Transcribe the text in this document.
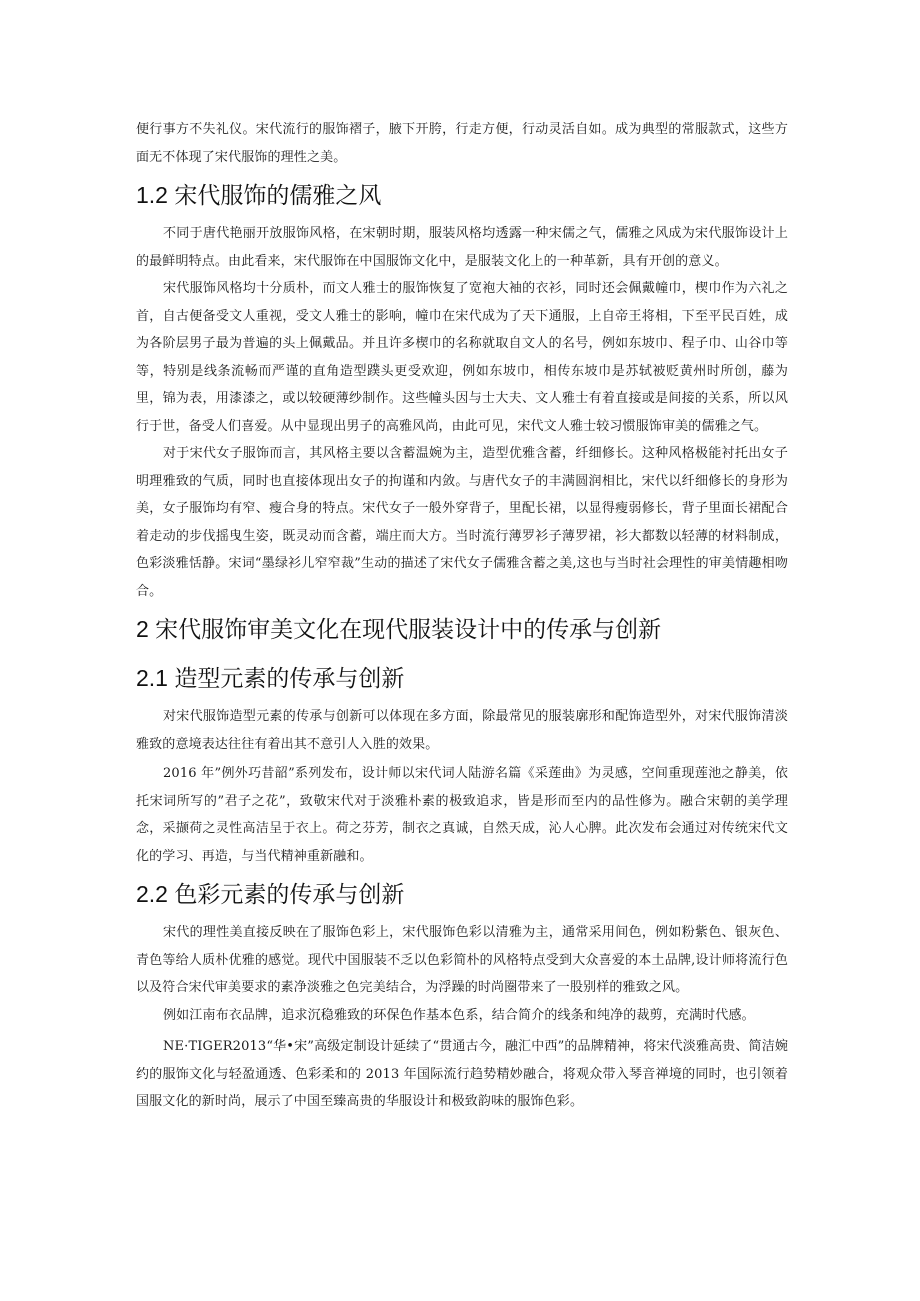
便行事方不失礼仪。宋代流行的服饰褶子，腋下开胯，行走方便，行动灵活自如。成为典型的常服款式，这些方面无不体现了宋代服饰的理性之美。

1.2 宋代服饰的儒雅之风

不同于唐代艳丽开放服饰风格，在宋朝时期，服装风格均透露一种宋儒之气，儒雅之风成为宋代服饰设计上的最鲜明特点。由此看来，宋代服饰在中国服饰文化中，是服装文化上的一种革新，具有开创的意义。

宋代服饰风格均十分质朴，而文人雅士的服饰恢复了宽袍大袖的衣衫，同时还会佩戴幢巾，楔巾作为六礼之首，自古便备受文人重视，受文人雅士的影响，幢巾在宋代成为了天下通服，上自帝王将相，下至平民百姓，成为各阶层男子最为普遍的头上佩戴品。并且许多楔巾的名称就取自文人的名号，例如东坡巾、程子巾、山谷巾等等，特别是线条流畅而严谨的直角造型蹼头更受欢迎，例如东坡巾，相传东坡巾是苏轼被贬黄州时所创，藤为里，锦为表，用漆漆之，或以较硬薄纱制作。这些幢头因与士大夫、文人雅士有着直接或是间接的关系，所以风行于世，备受人们喜爱。从中显现出男子的高雅风尚，由此可见，宋代文人雅士较习惯服饰审美的儒雅之气。

对于宋代女子服饰而言，其风格主要以含蓄温婉为主，造型优雅含蓄，纤细修长。这种风格极能衬托出女子明理雅致的气质，同时也直接体现出女子的拘谨和内敛。与唐代女子的丰满圆润相比，宋代以纤细修长的身形为美，女子服饰均有窄、瘦合身的特点。宋代女子一般外穿背子，里配长裙，以显得瘦弱修长，背子里面长裙配合着走动的步伐摇曳生姿，既灵动而含蓄，端庄而大方。当时流行薄罗衫子薄罗裙，衫大都数以轻薄的材料制成，色彩淡雅恬静。宋词“墨绿衫儿窄窄裁”生动的描述了宋代女子儒雅含蓄之美,这也与当时社会理性的审美情趣相吻合。

2 宋代服饰审美文化在现代服装设计中的传承与创新
2.1 造型元素的传承与创新

对宋代服饰造型元素的传承与创新可以体现在多方面，除最常见的服装廓形和配饰造型外，对宋代服饰清淡雅致的意境表达往往有着出其不意引人入胜的效果。

2016 年”例外巧昔韶”系列发布，设计师以宋代词人陆游名篇《采莲曲》为灵感，空间重现莲池之静美，依托宋词所写的”君子之花”，致敬宋代对于淡雅朴素的极致追求，皆是形而至内的品性修为。融合宋朝的美学理念，采撷荷之灵性高洁呈于衣上。荷之芬芳，制衣之真诚，自然天成，沁人心脾。此次发布会通过对传统宋代文化的学习、再造，与当代精神重新融和。

2.2 色彩元素的传承与创新

宋代的理性美直接反映在了服饰色彩上，宋代服饰色彩以清雅为主，通常采用间色，例如粉紫色、银灰色、青色等给人质朴优雅的感觉。现代中国服装不乏以色彩简朴的风格特点受到大众喜爱的本土品牌,设计师将流行色以及符合宋代审美要求的素净淡雅之色完美结合，为浮躁的时尚圈带来了一股别样的雅致之风。

例如江南布衣品牌，追求沉稳雅致的环保色作基本色系，结合简介的线条和纯净的裁剪，充满时代感。

NE·TIGER2013“华•宋”高级定制设计延续了“贯通古今，融汇中西”的品牌精神，将宋代淡雅高贵、简洁婉约的服饰文化与轻盈通透、色彩柔和的 2013 年国际流行趋势精妙融合，将观众带入琴音禅境的同时，也引领着国服文化的新时尚，展示了中国至臻高贵的华服设计和极致韵味的服饰色彩。
